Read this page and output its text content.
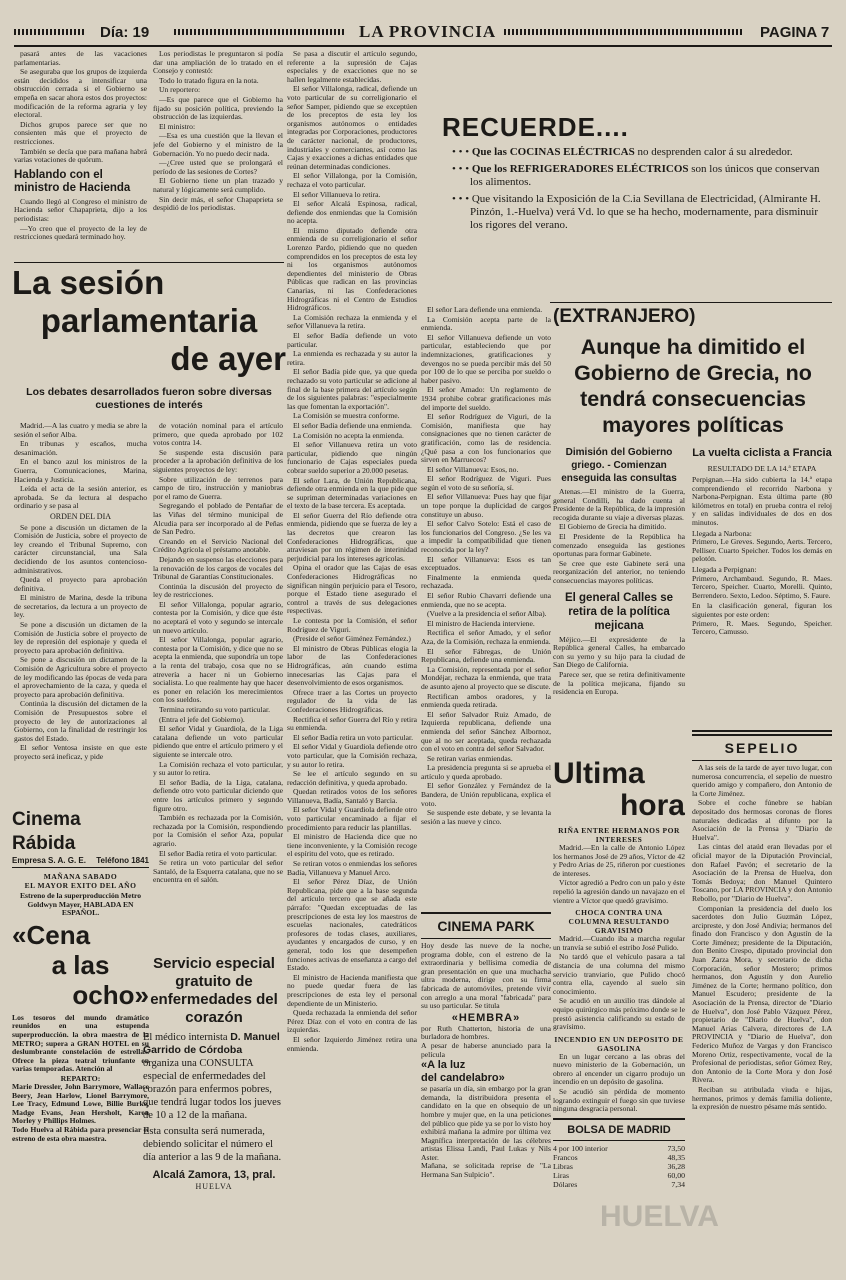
Día: 19	LA PROVINCIA	PAGINA 7

pasará antes de las vacaciones parlamentarias.

Se aseguraba que los grupos de izquierda están decididos a intensificar una obstrucción cerrada si el Gobierno se empeña en sacar ahora estos dos proyectos: modificación de la reforma agraria y ley electoral.

Dichos grupos parece ser que no consienten más que el proyecto de restricciones.

También se decía que para mañana habrá varias votaciones de quórum.

Hablando con el ministro de Hacienda

Cuando llegó al Congreso el ministro de Hacienda señor Chapaprieta, dijo a los periodistas:

—Yo creo que el proyecto de la ley de restricciones quedará terminado hoy.

Los periodistas le preguntaron si podía dar una ampliación de lo tratado en el Consejo y contestó:

Todo lo tratado figura en la nota.

Un reportero:

—Es que parece que el Gobierno ha fijado su posición política, previendo la obstrucción de las izquierdas.

El ministro:

—Esa es una cuestión que la llevan el jefe del Gobierno y el ministro de la Gobernación. Yo no puedo decir nada.

—¿Cree usted que se prolongará el período de las sesiones de Cortes?

El Gobierno tiene un plan trazado y natural y lógicamente será cumplido.

Sin decir más, el señor Chapaprieta se despidió de los periodistas.

La sesión
parlamentaria
de ayer
Los debates desarrollados fueron sobre diversas cuestiones de interés

Madrid.—A las cuatro y media se abre la sesión el señor Alba.

En tribunas y escaños, mucha desanimación.

En el banco azul los ministros de la Guerra, Comunicaciones, Marina, Hacienda y Justicia.

Leída el acta de la sesión anterior, es aprobada. Se da lectura al despacho ordinario y se pasa al

ORDEN DEL DIA

Se pone a discusión un dictamen de la Comisión de Justicia, sobre el proyecto de ley creando el Tribunal Supremo, con carácter circunstancial, una Sala decidiendo de los asuntos contencioso-administrativos.

Queda el proyecto para aprobación definitiva.

El ministro de Marina, desde la tribuna de secretarios, da lectura a un proyecto de ley.

Se pone a discusión un dictamen de la Comisión de Justicia sobre el proyecto de ley de represión del espionaje y queda el proyecto para aprobación definitiva.

Se pone a discusión un dictamen de la Comisión de Agricultura sobre el proyecto de ley modificando las épocas de veda para el aprovechamiento de la caza, y queda el proyecto para aprobación definitiva.

Continúa la discusión del dictamen de la Comisión de Presupuestos sobre el proyecto de ley de autorizaciones al Gobierno, con la finalidad de restringir los gastos del Estado.

El señor Ventosa insiste en que este proyecto será ineficaz, y pide

de votación nominal para el artículo primero, que queda aprobado por 102 votos contra 14.

Se suspende esta discusión para proceder a la aprobación definitiva de los siguientes proyectos de ley:

Sobre utilización de terrenos para campo de tiro, instrucción y maniobras por el ramo de Guerra.

Segregando el poblado de Pentañar de las Viñas del término municipal de Alcudia para ser incorporado al de Peñas de San Pedro.

Creando en el Servicio Nacional del Crédito Agrícola el préstamo anotable.

Dejando en suspenso las elecciones para la renovación de los cargos de vocales del Tribunal de Garantías Constitucionales.

Continúa la discusión del proyecto de ley de restricciones.

El señor Villalonga, popular agrario, contesta por la Comisión, y dice que éste no aceptará el voto y segundo se intercale un nuevo artículo.

El señor Villalonga, popular agrario, contesta por la Comisión, y dice que no se acepta la enmienda, que supondría un tope a la renta del trabajo, cosa que no se atrevería a hacer ni un Gobierno socialista. Lo que realmente hay que hacer es poner en relación los merecimientos con los sueldos.

Termina retirando su voto particular.

(Entra el jefe del Gobierno).

El señor Vidal y Guardiola, de la Liga catalana defiende un voto particular pidiendo que entre el artículo primero y el siguiente se intercale otro.

La Comisión rechaza el voto particular, y su autor lo retira.

El señor Badía, de la Liga, catalana, defiende otro voto particular diciendo que entre los artículos primero y segundo figure otro.

También es rechazada por la Comisión, rechazada por la Comisión, respondiendo por la Comisión el señor Aza, popular agrario.

El señor Badía retira el voto particular.

Se retira un voto particular del señor Santaló, de la Esquerra catalana, que no se encuentra en el salón.

Cinema Rábida
Empresa S. A. G. E. Teléfono 1841
MAÑANA SABADO
EL MAYOR EXITO DEL AÑO
Estreno de la superproducción Metro Goldwyn Mayer, HABLADA EN ESPAÑOL.
«Cena
a las
ocho»
Los tesoros del mundo dramático reunidos en una estupenda superproducción. la obra maestra de la METRO; supera a GRAN HOTEL en su deslumbrante constelación de estrellas. Ofrece la pieza teatral triunfante en varias temporadas. Atención al
REPARTO:
Marie Dressler, John Barrymore, Wallace Beery, Jean Harlow, Lionel Barrymore, Lee Tracy, Edmund Lowe, Billie Burke, Madge Evans, Jean Hersholt, Karen Morley y Phillips Holmes.
Todo Huelva al Rábida para presenciar el estreno de esta obra maestra.
Servicio especial gratuito de enfermedades del corazón
El médico internista D. Manuel Garrido de Córdoba
organiza una CONSULTA especial de enfermedades del corazón para enfermos pobres, que tendrá lugar todos los jueves de 10 a 12 de la mañana.
Esta consulta será numerada, debiendo solicitar el número el día anterior a las 9 de la mañana.
Alcalá Zamora, 13, pral.
HUELVA

Se pasa a discutir el artículo segundo, referente a la supresión de Cajas especiales y de exacciones que no se hallen legalmente establecidas.

El señor Villalonga, radical, defiende un voto particular de su correligionario el señor Samper, pidiendo que se exceptúen de los preceptos de esta ley los organismos autónomos o entidades integradas por Corporaciones, productores de carácter nacional, de productores, industriales y comerciantes, así como las Cajas y exacciones a dichas entidades que reúnan determinadas condiciones.

El señor Villalonga, por la Comisión, rechaza el voto particular.

El señor Villanueva lo retira.

El señor Alcalá Espinosa, radical, defiende dos enmiendas que la Comisión no acepta.

El mismo diputado defiende otra enmienda de su correligionario el señor Lorenzo Pardo, pidiendo que no queden comprendidos en los preceptos de esta ley ni los organismos autónomos dependientes del ministerio de Obras Públicas que radican en las provincias Canarias, ni las Confederaciones Hidrográficas ni el Centro de Estudios Hidrográficos.

La Comisión rechaza la enmienda y el señor Villanueva la retira.

El señor Badía defiende un voto particular.

La enmienda es rechazada y su autor la retira.

El señor Badía pide que, ya que queda rechazado su voto particular se adicione al final de la base primera del artículo según de los siguientes palabras: "especialmente las que fomentan la exportación".

La Comisión se muestra conforme.

El señor Badía defiende una enmienda.

La Comisión no acepta la enmienda.

El señor Villanueva retira un voto particular, pidiendo que ningún funcionario de Cajas especiales pueda cobrar sueldo superior a 20.000 pesetas.

El señor Lara, de Unión Republicana, defiende otra enmienda en la que pide que se supriman determinadas variaciones en el texto de la base tercera. Es aceptada.

El señor Guerra del Río defiende otra enmienda, pidiendo que se fuerza de ley a las decretos que crearon las Confederaciones Hidrográficas, que atraviesan por un régimen de interinidad perjudicial para los intereses agrícolas.

Opina el orador que las Cajas de esas Confederaciones Hidrográficas no significan ningún perjuicio para el Tesoro, porque el Estado tiene asegurado el control a través de sus delegaciones respectivas.

Le contesta por la Comisión, el señor Rodríguez de Viguri.

(Preside el señor Giménez Fernández.)

El ministro de Obras Públicas elogia la labor de las Confederaciones Hidrográficas, aún cuando estima innecesarias las Cajas para el desenvolvimiento de esos organismos.

Ofrece traer a las Cortes un proyecto regulador de la vida de las Confederaciones Hidrográficas.

Rectifica el señor Guerra del Río y retira su enmienda.

El señor Badía retira un voto particular.

El señor Vidal y Guardiola defiende otro voto particular, que la Comisión rechaza, y su autor lo retira.

Se lee el artículo segundo en su redacción definitiva, y queda aprobado.

Quedan retirados votos de los señores Villanueva, Badía, Santaló y Barcia.

El señor Vidal y Guardiola defiende otro voto particular encaminado a fijar el procedimiento para reducir las plantillas.

El ministro de Hacienda dice que no tiene inconveniente, y la Comisión recoge el espíritu del voto, que es retirado.

Se retiran votos o enmiendas los señores Badía, Villanueva y Manuel Arco.

El señor Pérez Díaz, de Unión Republicana, pide que a la base segunda del artículo tercero que se añada este párrafo: "Quedan exceptuadas de las prescripciones de esta ley los maestros de escuelas nacionales, catedráticos profesores de todas clases, auxiliares, ayudantes y encargados de curso, y en general, todo los que desempeñen funciones activas de enseñanza a cargo del Estado.

El ministro de Hacienda manifiesta que no puede quedar fuera de las prescripciones de esta ley el personal dependiente de un Ministerio.

Queda rechazada la enmienda del señor Pérez Díaz con el voto en contra de las izquierdas.

El señor Izquierdo Jiménez retira una enmienda.

RECUERDE....
• • • Que las COCINAS ELÉCTRICAS no desprenden calor á su alrededor.
• • • Que los REFRIGERADORES ELÉCTRICOS son los únicos que conservan los alimentos.
• • • Que visitando la Exposición de la C.ia Sevillana de Electricidad, (Almirante H. Pinzón, 1.-Huelva) verá Vd. lo que se ha hecho, modernamente, para disminuir los rigores del verano.

El señor Lara defiende una enmienda.

La Comisión acepta parte de la enmienda.

El señor Villanueva defiende un voto particular, estableciendo que por indemnizaciones, gratificaciones y devengos no se pueda percibir más del 50 por 100 de lo que se perciba por sueldo o haber pasivo.

El señor Amado: Un reglamento de 1934 prohibe cobrar gratificaciones más del importe del sueldo.

El señor Rodríguez de Viguri, de la Comisión, manifiesta que hay consignaciones que no tienen carácter de gratificación, como las de residencia. ¿Qué pasa a con los funcionarios que sirven en Marruecos?

El señor Villanueva: Esos, no.

El señor Rodríguez de Viguri. Pues según el voto de su señoría, sí.

El señor Villanueva: Pues hay que fijar un tope porque la duplicidad de cargos constituye un abuso.

El señor Calvo Sotelo: Está el caso de los funcionarios del Congreso. ¿Se les va a impedir la compatibilidad que tienen reconocida por la ley?

El señor Villanueva: Esos es tan exceptuados.

Finalmente la enmienda queda rechazada.

El señor Rubio Chavarri defiende una enmienda, que no se acepta.

(Vuelve a la presidencia el señor Alba).

El ministro de Hacienda interviene.

Rectifica el señor Amado, y el señor Aza, de la Comisión, rechaza la enmienda.

El señor Fábregas, de Unión Republicana, defiende una enmienda.

La Comisión, representada por el señor Mondéjar, rechaza la enmienda, que trata de asunto ajeno al proyecto que se discute.

Rectifican ambos oradores, y la enmienda queda retirada.

El señor Salvador Ruiz Amado, de Izquierda republicana, defiende una enmienda del señor Sánchez Albornoz, que al no ser aceptada, queda rechazada con el voto en contra del señor Salvador.

Se retiran varias enmiendas.

La presidencia pregunta si se aprueba el artículo y queda aprobado.

El señor González y Fernández de la Bandera, de Unión republicana, explica el voto.

Se suspende este debate, y se levanta la sesión a las nueve y cinco.

CINEMA PARK
Hoy desde las nueve de la noche, programa doble, con el estreno de la extraordinaria y bellísima comedia de gran presentación en que una muchacha ultra moderna, dirige con su firma fabricada de automóviles, pretende vivir con arreglo a una moral "fabricada" para su uso particular. Se titula
«HEMBRA»
por Ruth Chatterton, historia de una burladora de hombres.
A pesar de haberse anunciado para la película
«A la luz
del candelabro»
se pasaría un día, sin embargo por la gran demanda, la distribuidora presenta el candidato en la que en obsequio de un hombre y mujer que, en la una peticiones del público que pide ya se por lo visto hoy exhibirá mañana la admire por última vez Magnífica interpretación de las célebres artistas Elissa Landi, Paul Lukas y Nils Aster.
Mañana, se solicitada reprise de "La Hermana San Sulpicio".
(EXTRANJERO)
Aunque ha dimitido el Gobierno de Grecia, no tendrá consecuencias mayores políticas
Dimisión del Gobierno griego. - Comienzan enseguida las consultas

Atenas.—El ministro de la Guerra, general Condilli, ha dado cuenta al Presidente de la República, de la impresión recogida durante su viaje a diversas plazas.

El Gobierno de Grecia ha dimitido.

El Presidente de la República ha comenzado enseguida las gestiones oportunas para formar Gabinete.

Se cree que este Gabinete será una reorganización del anterior, no teniendo consecuencias mayores políticas.

El general Calles se retira de la política mejicana

Méjico.—El expresidente de la República general Calles, ha embarcado con su yerno y su hijo para la ciudad de San Diego de California.

Parece ser, que se retira definitivamente de la política mejicana, fijando su residencia en Europa.

Ultima
hora
RIÑA ENTRE HERMANOS POR INTERESES

Madrid.—En la calle de Antonio López los hermanos José de 29 años, Víctor de 42 y Pedro Arias de 25, riñeron por cuestiones de intereses.

Víctor agredió a Pedro con un palo y éste repelió la agresión dando un navajazo en el vientre a Víctor que quedó gravísimo.

CHOCA CONTRA UNA COLUMNA RESULTANDO GRAVISIMO

Madrid.—Cuando iba a marcha regular un tranvía se subió el estribo José Pulido.

No tardó que el vehículo pasara a tal distancia de una columna del mismo servicio tranviario, que Pulido chocó contra ella, cayendo al suelo sin conocimiento.

Se acudió en un auxilio tras dándole al equipo quirúrgico más próximo donde se le prestó asistencia calificando su estado de gravísimo.

INCENDIO EN UN DEPOSITO DE GASOLINA

En un lugar cercano a las obras del nuevo ministerio de la Gobernación, un obrero al encender un cigarro produjo un incendio en un depósito de gasolina.

Se acudió sin pérdida de momento logrando extinguir el fuego sin que tuviese ninguna desgracia personal.

BOLSA DE MADRID
4 por 100 interior	73,50
Francos	48,35
Libras	36,28
Liras	60,00
Dólares	7,34
La vuelta ciclista a Francia
RESULTADO DE LA 14.ª ETAPA
Perpignan.—Ha sido cubierta la 14.ª etapa comprendiendo el recorrido Narbona y Narbona-Perpignan. Esta última parte (80 kilómetros en total) en prueba contra el reloj y en salidas individuales de dos en dos minutos.
Llegada a Narbona:
Primero, Le Greves. Segundo, Aerts. Tercero, Pelliser. Cuarto Speicher. Todos los demás en pelotón.
Llegada a Perpignan:
Primero, Archambaud. Segundo, R. Maes. Tercero, Speicher. Cuarto, Morelli. Quinto, Berrendero. Sexto, Ledoo. Séptimo, S. Faure.
En la clasificación general, figuran los siguientes por este orden:
Primero, R. Maes. Segundo, Speicher. Tercero, Camusso.
SEPELIO

A las seis de la tarde de ayer tuvo lugar, con numerosa concurrencia, el sepelio de nuestro querido amigo y compañero, don Antonio de la Corte Jiménez.

Sobre el coche fúnebre se habían depositado dos hermosas coronas de flores naturales dedicadas al difunto por la Asociación de la Prensa y "Diario de Huelva".

Las cintas del ataúd eran llevadas por el oficial mayor de la Diputación Provincial, don Rafael Pavón; el secretario de la Asociación de la Prensa de Huelva, don Tomás Bedoya; don Manuel Quintero Toscano, por LA PROVINCIA y don Antonio Rebollo, por "Diario de Huelva".

Componían la presidencia del duelo los sacerdotes don Julio Guzmán López, arcipreste, y don José Andivia; hermanos del finado don Francisco y don Agustín de la Corte Jiménez; presidente de la Diputación, don Benito Crespo, diputado provincial don Juan Zarza Mora, y secretario de dicha Corporación, señor Mostero; primos hermanos, don Agustín y don Aurelio Jiménez de la Corte; hermano político, don Manuel Escudero; presidente de la Asociación de la Prensa, director de "Diario de Huelva", don José Pablo Vázquez Pérez, propietario de "Diario de Huelva", don Manuel Arias Calvera, directores de LA PROVINCIA y "Diario de Huelva", don Federico Muñoz de Vargas y don Francisco Moreno Ortiz, respectivamente, vocal de la Profesional de periodistas, señor Gómez Rey, don Antonio de la Corte Mora y don José Rivera.

Reciban su atribulada viuda e hijas, hermanos, primos y demás familia doliente, la expresión de nuestro pésame más sentido.

HUELVA
